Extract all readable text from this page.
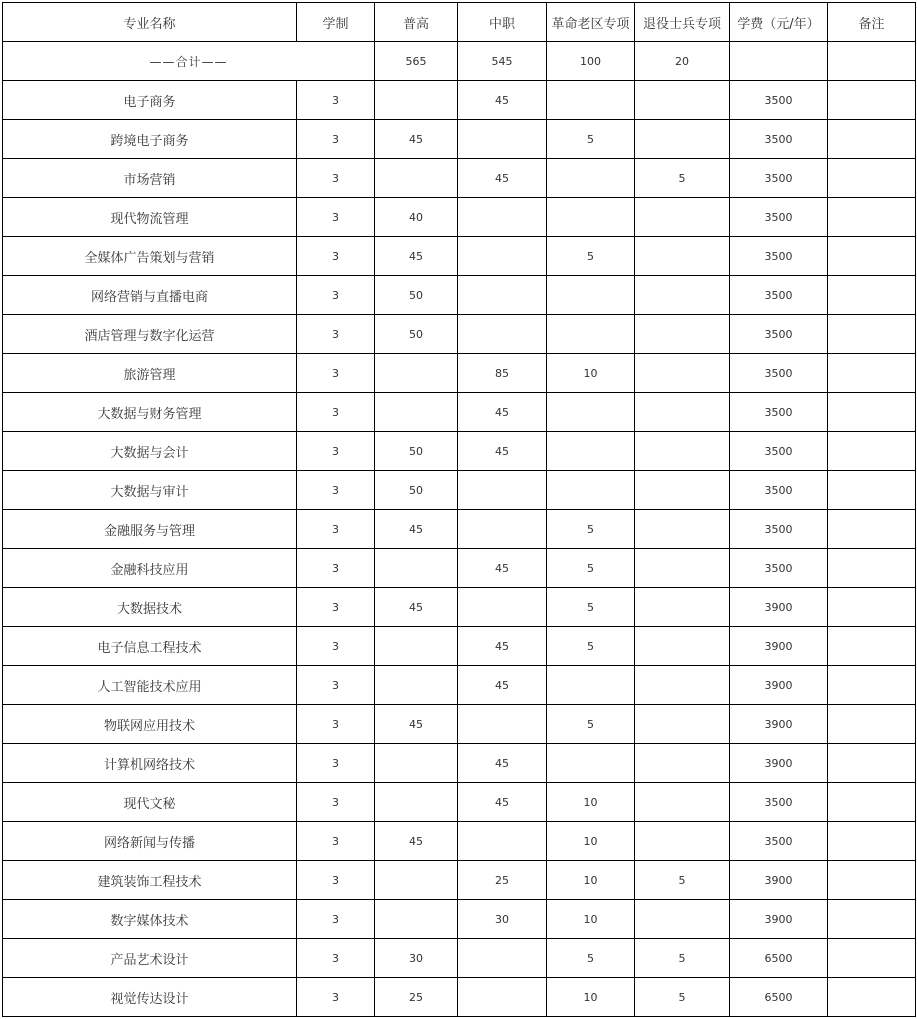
专业名称	学制	普高	中职	革命老区专项	退役士兵专项	学费（元/年）	备注
——合计——		565	545	100	20		
电子商务	3		45			3500	
跨境电子商务	3	45		5		3500	
市场营销	3		45		5	3500	
现代物流管理	3	40				3500	
全媒体广告策划与营销	3	45		5		3500	
网络营销与直播电商	3	50				3500	
酒店管理与数字化运营	3	50				3500	
旅游管理	3		85	10		3500	
大数据与财务管理	3		45			3500	
大数据与会计	3	50	45			3500	
大数据与审计	3	50				3500	
金融服务与管理	3	45		5		3500	
金融科技应用	3		45	5		3500	
大数据技术	3	45		5		3900	
电子信息工程技术	3		45	5		3900	
人工智能技术应用	3		45			3900	
物联网应用技术	3	45		5		3900	
计算机网络技术	3		45			3900	
现代文秘	3		45	10		3500	
网络新闻与传播	3	45		10		3500	
建筑装饰工程技术	3		25	10	5	3900	
数字媒体技术	3		30	10		3900	
产品艺术设计	3	30		5	5	6500	
视觉传达设计	3	25		10	5	6500	
